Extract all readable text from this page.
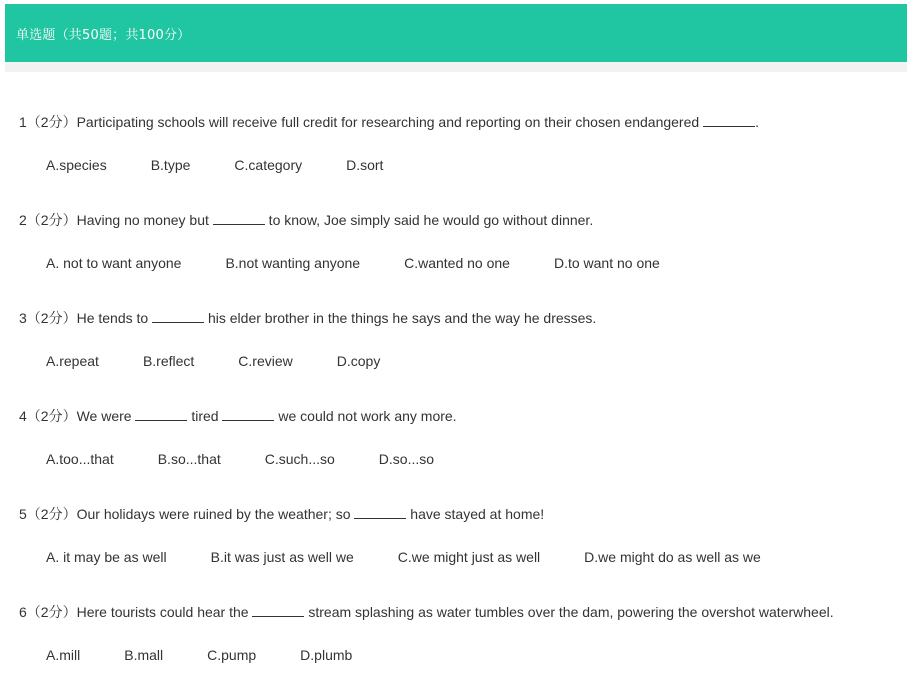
单选题（共50题；共100分）
1（2分）Participating schools will receive full credit for researching and reporting on their chosen endangered	.
A.species	B.type	C.category	D.sort
2（2分）Having no money but	to know, Joe simply said he would go without dinner.
A. not to want anyone	B.not wanting anyone	C.wanted no one	D.to want no one
3（2分）He tends to	his elder brother in the things he says and the way he dresses.
A.repeat	B.reflect	C.review	D.copy
4（2分）We were	tired	we could not work any more.
A.too...that	B.so...that	C.such...so	D.so...so
5（2分）Our holidays were ruined by the weather; so	have stayed at home!
A. it may be as well	B.it was just as well we	C.we might just as well	D.we might do as well as we
6（2分）Here tourists could hear the	stream splashing as water tumbles over the dam, powering the overshot waterwheel.
A.mill	B.mall	C.pump	D.plumb
